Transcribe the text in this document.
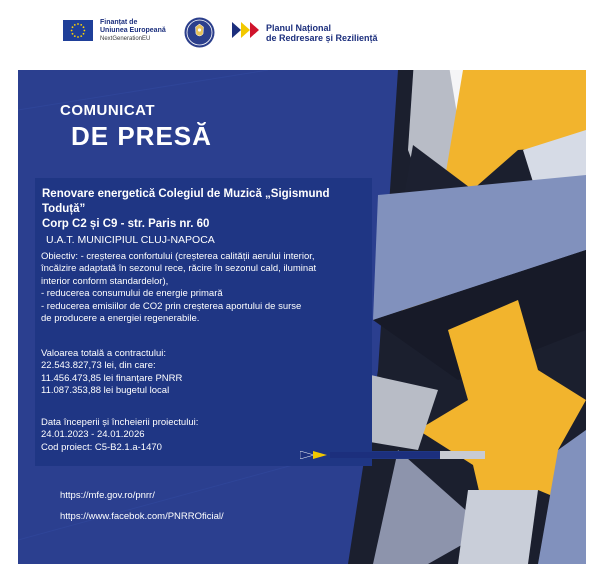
Finanțat de
Uniunea Europeană
NextGenerationEU
Planul Național
de Redresare și Reziliență
COMUNICAT
DE PRESĂ
Renovare energetică Colegiul de Muzică „Sigismund Toduță”
Corp C2 și C9 - str. Paris nr. 60
U.A.T. MUNICIPIUL CLUJ-NAPOCA
Obiectiv: - creșterea confortului (creșterea calității aerului interior,
încălzire adaptată în sezonul rece, răcire în sezonul cald, iluminat
interior conform standardelor),
- reducerea consumului de energie primară
- reducerea emisiilor de CO2 prin creșterea aportului de surse
de producere a energiei regenerabile.
Valoarea totală a contractului:
22.543.827,73 lei, din care:
11.456.473,85 lei finanțare PNRR
11.087.353,88 lei bugetul local
Data începerii și încheierii proiectului:
24.01.2023 - 24.01.2026
Cod proiect: C5-B2.1.a-1470
https://mfe.gov.ro/pnrr/
https://www.facebok.com/PNRROficial/
